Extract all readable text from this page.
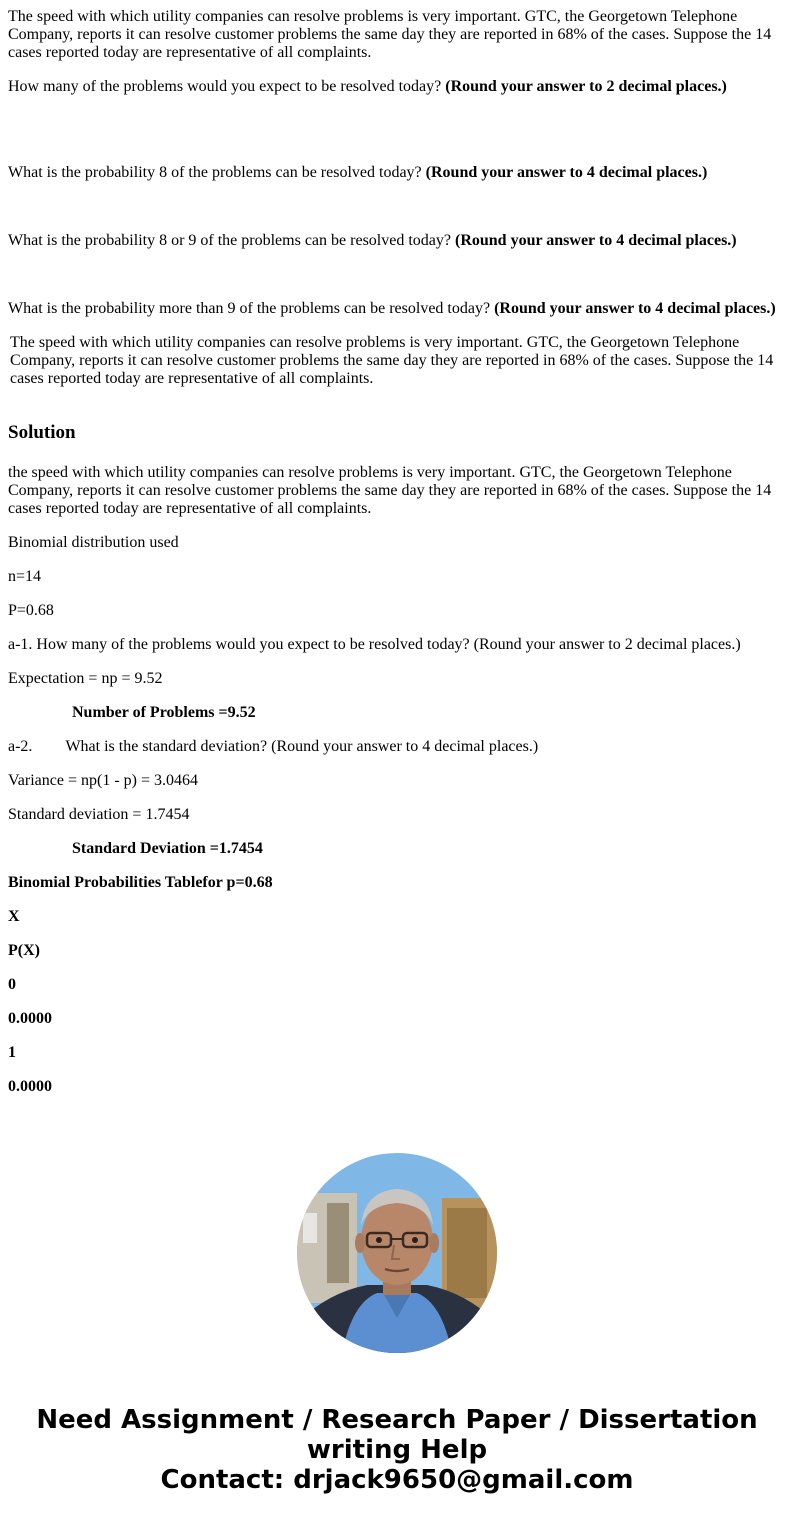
The speed with which utility companies can resolve problems is very important. GTC, the Georgetown Telephone Company, reports it can resolve customer problems the same day they are reported in 68% of the cases. Suppose the 14 cases reported today are representative of all complaints.

How many of the problems would you expect to be resolved today? (Round your answer to 2 decimal places.)

What is the probability 8 of the problems can be resolved today? (Round your answer to 4 decimal places.)

What is the probability 8 or 9 of the problems can be resolved today? (Round your answer to 4 decimal places.)

What is the probability more than 9 of the problems can be resolved today? (Round your answer to 4 decimal places.)

The speed with which utility companies can resolve problems is very important. GTC, the Georgetown Telephone Company, reports it can resolve customer problems the same day they are reported in 68% of the cases. Suppose the 14 cases reported today are representative of all complaints.

Solution

the speed with which utility companies can resolve problems is very important. GTC, the Georgetown Telephone Company, reports it can resolve customer problems the same day they are reported in 68% of the cases. Suppose the 14 cases reported today are representative of all complaints.

Binomial distribution used

n=14

P=0.68

a-1. How many of the problems would you expect to be resolved today? (Round your answer to 2 decimal places.)

Expectation = np = 9.52

Number of Problems =9.52

a-2. What is the standard deviation? (Round your answer to 4 decimal places.)

Variance = np(1 - p) = 3.0464

Standard deviation = 1.7454

Standard Deviation =1.7454

Binomial Probabilities Tablefor p=0.68

X

P(X)

0

0.0000

1

0.0000

Need Assignment / Research Paper / Dissertation
writing Help
Contact: drjack9650@gmail.com
